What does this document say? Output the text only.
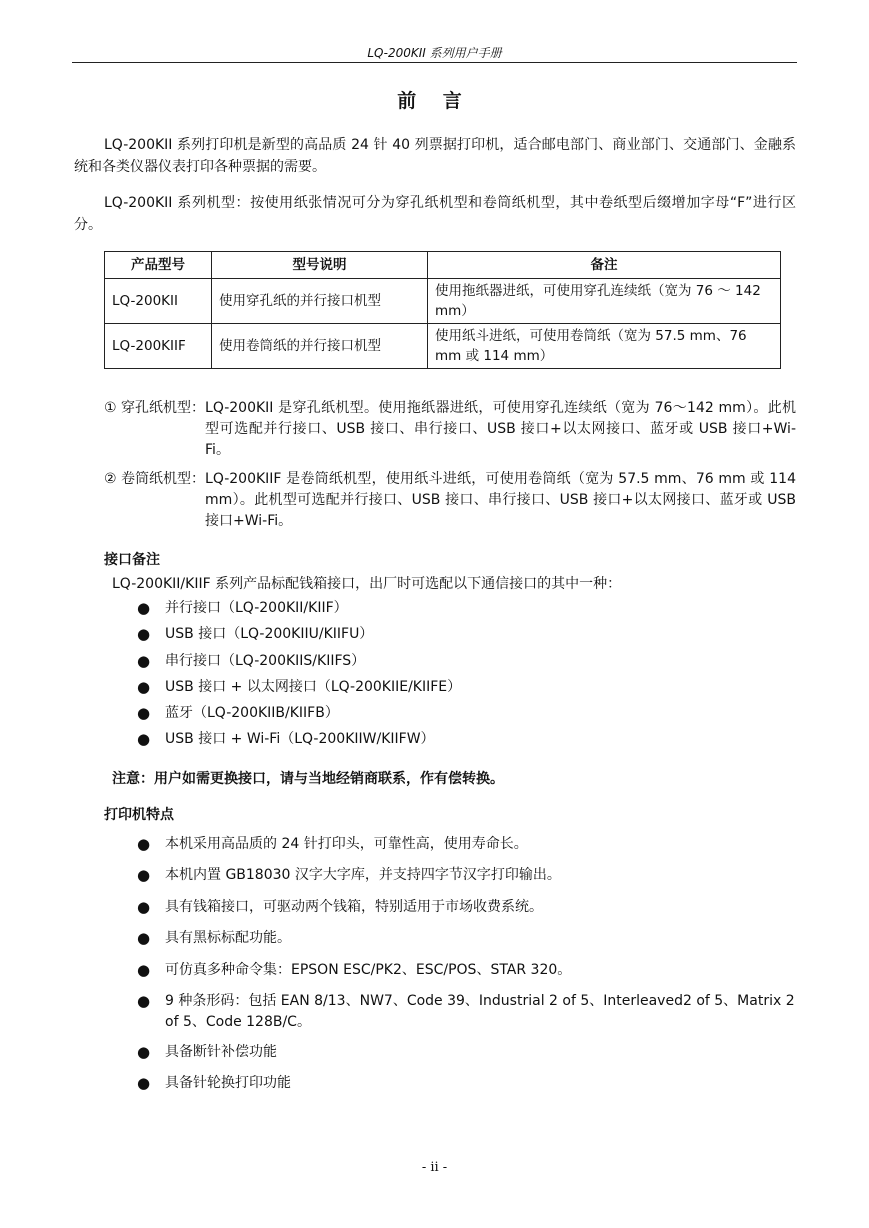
LQ-200KII 系列用户手册
前 言
LQ-200KII 系列打印机是新型的高品质 24 针 40 列票据打印机，适合邮电部门、商业部门、交通部门、金融系统和各类仪器仪表打印各种票据的需要。
LQ-200KII 系列机型：按使用纸张情况可分为穿孔纸机型和卷筒纸机型，其中卷纸型后缀增加字母“F”进行区分。
产品型号	型号说明	备注
LQ-200KII	使用穿孔纸的并行接口机型	使用拖纸器进纸，可使用穿孔连续纸（宽为 76 ～ 142 mm）
LQ-200KIIF	使用卷筒纸的并行接口机型	使用纸斗进纸，可使用卷筒纸（宽为 57.5 mm、76 mm 或 114 mm）
① 穿孔纸机型： LQ-200KII 是穿孔纸机型。使用拖纸器进纸，可使用穿孔连续纸（宽为 76～142 mm）。此机型可选配并行接口、USB 接口、串行接口、USB 接口+以太网接口、蓝牙或 USB 接口+Wi-Fi。
② 卷筒纸机型： LQ-200KIIF 是卷筒纸机型，使用纸斗进纸，可使用卷筒纸（宽为 57.5 mm、76 mm 或 114 mm）。此机型可选配并行接口、USB 接口、串行接口、USB 接口+以太网接口、蓝牙或 USB 接口+Wi-Fi。
接口备注
LQ-200KII/KIIF 系列产品标配钱箱接口，出厂时可选配以下通信接口的其中一种：
●	并行接口（LQ-200KII/KIIF）
●	USB 接口（LQ-200KIIU/KIIFU）
●	串行接口（LQ-200KIIS/KIIFS）
●	USB 接口 + 以太网接口（LQ-200KIIE/KIIFE）
●	蓝牙（LQ-200KIIB/KIIFB）
●	USB 接口 + Wi-Fi（LQ-200KIIW/KIIFW）
注意：用户如需更换接口，请与当地经销商联系，作有偿转换。
打印机特点
●	本机采用高品质的 24 针打印头，可靠性高，使用寿命长。
●	本机内置 GB18030 汉字大字库，并支持四字节汉字打印输出。
●	具有钱箱接口，可驱动两个钱箱，特别适用于市场收费系统。
●	具有黑标标配功能。
●	可仿真多种命令集：EPSON ESC/PK2、ESC/POS、STAR 320。
●	9 种条形码：包括 EAN 8/13、NW7、Code 39、Industrial 2 of 5、Interleaved2 of 5、Matrix 2 of 5、Code 128B/C。
●	具备断针补偿功能
●	具备针轮换打印功能
- ii -
